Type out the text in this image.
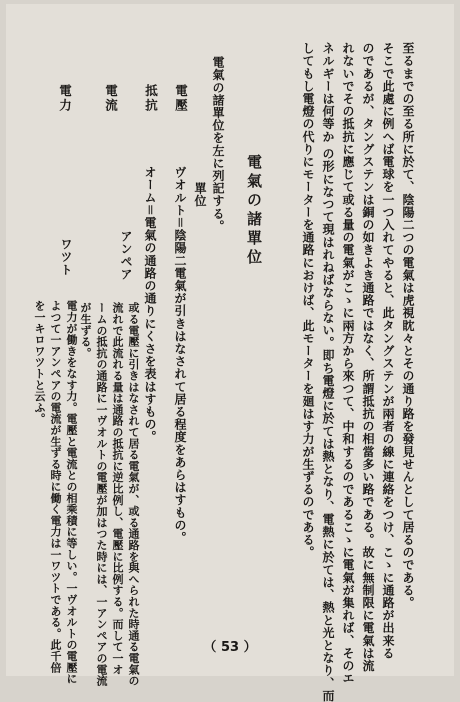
至るまでの至る所に於て、陰陽二つの電氣は虎視眈々とその通り路を發見せんとして居るのである。
そこで此處に例へば電球を一つ入れてやると、此タングステンが兩者の線に連絡をつけ、こゝに通路が出来る
のであるが、タングステンは銅の如きよき通路ではなく、所謂抵抗の相當多い路である。故に無制限に電氣は流
れないでその抵抗に應じて或る量の電氣がこゝに兩方から來つて、中和するのであるこゝに電氣が集れば、そのエ
ネルギーは何等か の形になつて現はれねばならない。即ち電燈に於ては熱となり、電熱に於ては、熱と光となり、而
してもし電燈の代りにモーターを通路におけば、此モーターを廻はす力が生ずるのである。
電氣の諸單位
電氣の諸單位を左に列記する。
單位
電壓
抵抗
電流
電力
ヴオルト＝陰陽二電氣が引きはなされて居る程度をあらはすもの。
オーム＝電氣の通路の通りにくさを表はすもの。
アンペア
或る電壓に引きはなされて居る電氣が、或る通路を與へられた時通る電氣の
流れで此流れる量は通路の抵抗に逆比例し、電壓に比例する。而して一オ
ームの抵抗の通路に一ヴオルトの電壓が加はつた時には、一アンペアの電流
が生ずる。
ワツト
電力が働きをなす力。電壓と電流との相乘積に等しい。一ヴオルトの電壓に
よつて一アンペアの電流が生ずる時に働く電力は一ワツトである。此千倍
を一キロワツトと云ふ。
（ 53 ）
